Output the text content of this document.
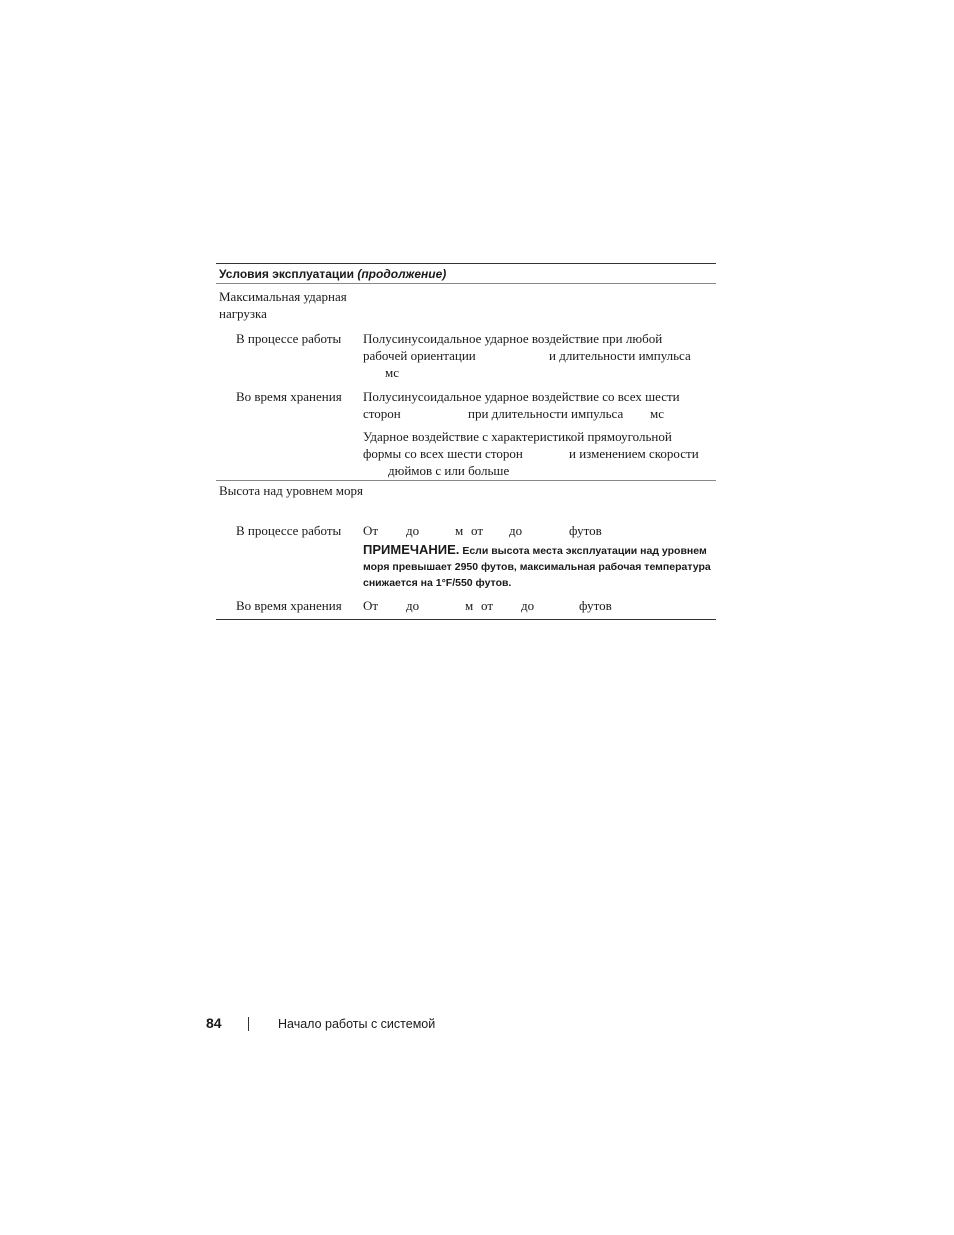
Условия эксплуатации (продолжение)
Максимальная ударная нагрузка
В процессе работы	Полусинусоидальное ударное воздействие при любой
рабочей ориентации	и длительности импульса
мс
Во время хранения	Полусинусоидальное ударное воздействие со всех шести
сторон	при длительности импульса мс
Ударное воздействие с характеристикой прямоугольной
формы со всех шести сторон	и изменением скорости
дюймов с или больше
Высота над уровнем моря
В процессе работы	От до	м от до	футов
ПРИМЕЧАНИЕ. Если высота места эксплуатации над уровнем моря превышает 2950 футов, максимальная рабочая температура снижается на 1°F/550 футов.
Во время хранения	От до	м от до	футов
84	Начало работы с системой
